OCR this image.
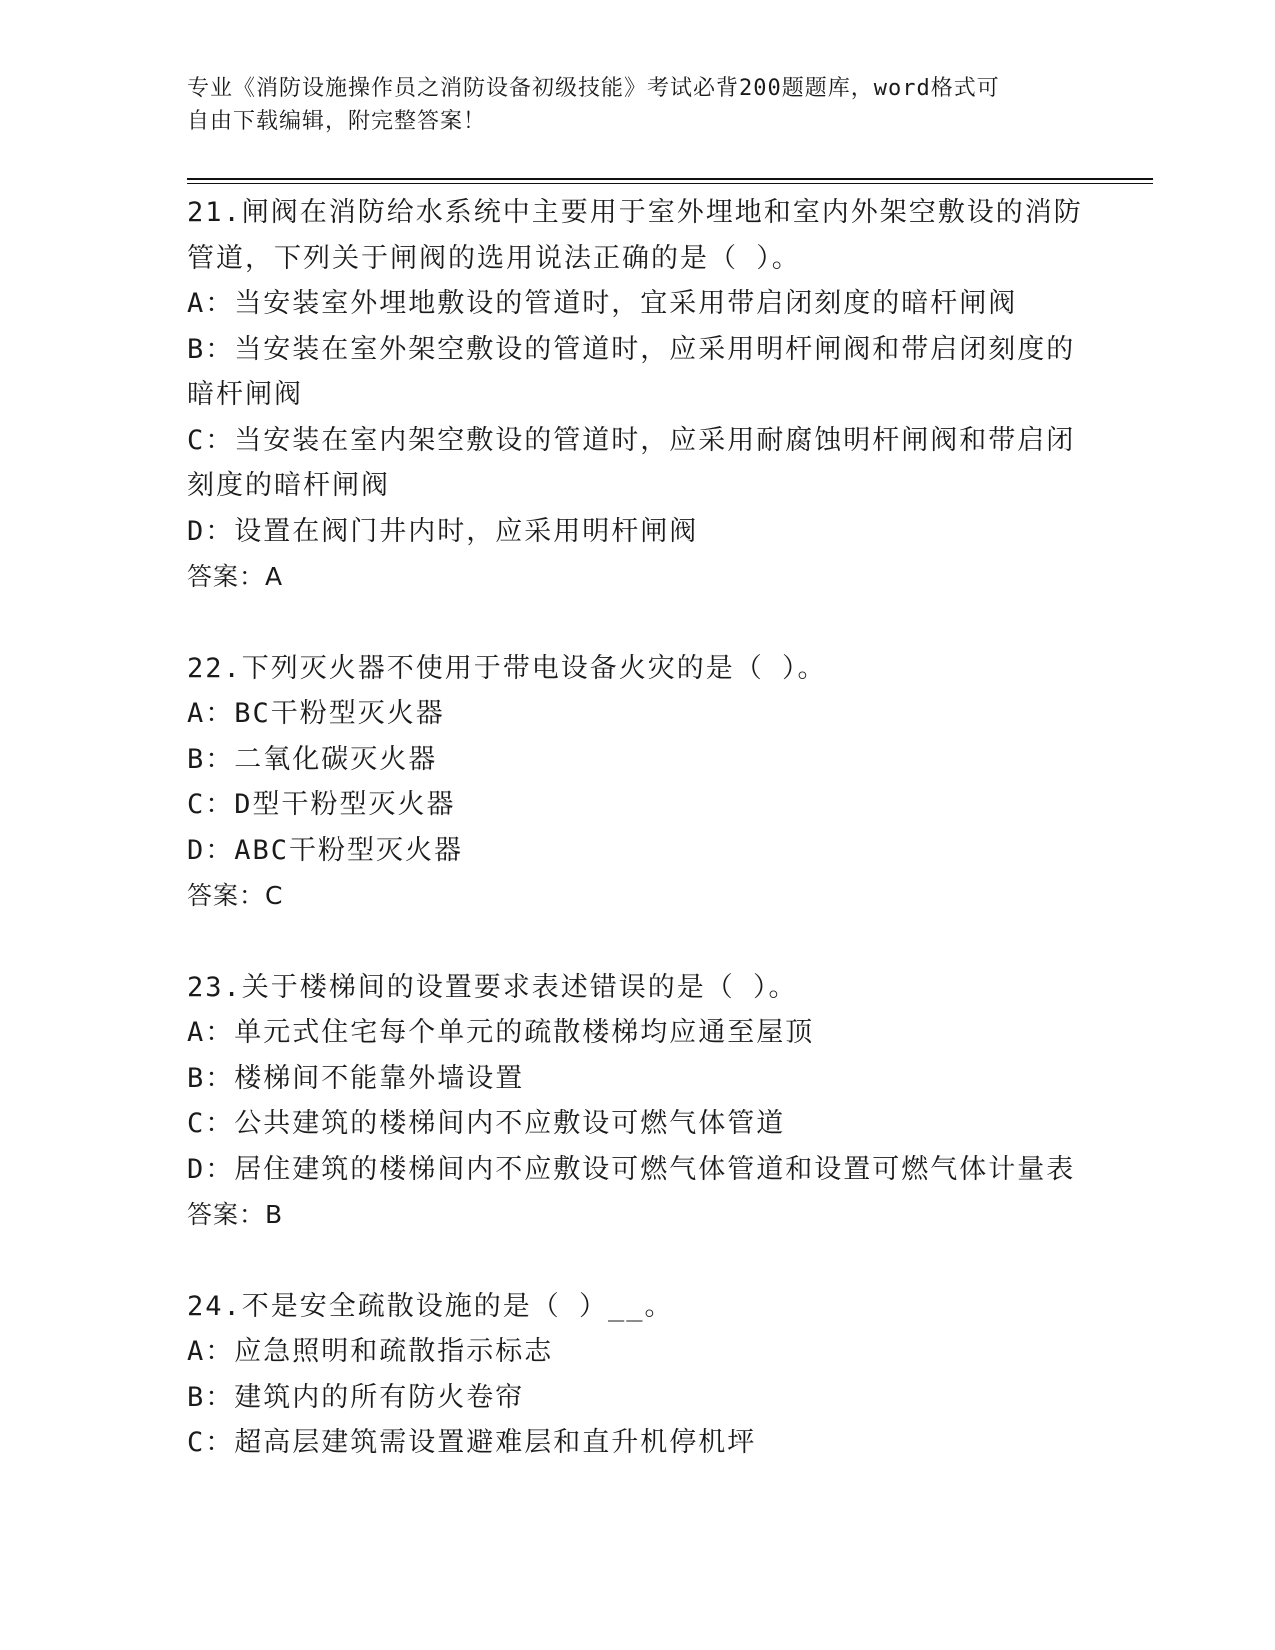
专业《消防设施操作员之消防设备初级技能》考试必背200题题库，word格式可
自由下载编辑，附完整答案！
21.闸阀在消防给水系统中主要用于室外埋地和室内外架空敷设的消防
管道，下列关于闸阀的选用说法正确的是（ ）。
A：当安装室外埋地敷设的管道时，宜采用带启闭刻度的暗杆闸阀
B：当安装在室外架空敷设的管道时，应采用明杆闸阀和带启闭刻度的
暗杆闸阀
C：当安装在室内架空敷设的管道时，应采用耐腐蚀明杆闸阀和带启闭
刻度的暗杆闸阀
D：设置在阀门井内时，应采用明杆闸阀
答案：A
22.下列灭火器不使用于带电设备火灾的是（ ）。
A：BC干粉型灭火器
B：二氧化碳灭火器
C：D型干粉型灭火器
D：ABC干粉型灭火器
答案：C
23.关于楼梯间的设置要求表述错误的是（ ）。
A：单元式住宅每个单元的疏散楼梯均应通至屋顶
B：楼梯间不能靠外墙设置
C：公共建筑的楼梯间内不应敷设可燃气体管道
D：居住建筑的楼梯间内不应敷设可燃气体管道和设置可燃气体计量表
答案：B
24.不是安全疏散设施的是（ ）__。
A：应急照明和疏散指示标志
B：建筑内的所有防火卷帘
C：超高层建筑需设置避难层和直升机停机坪
